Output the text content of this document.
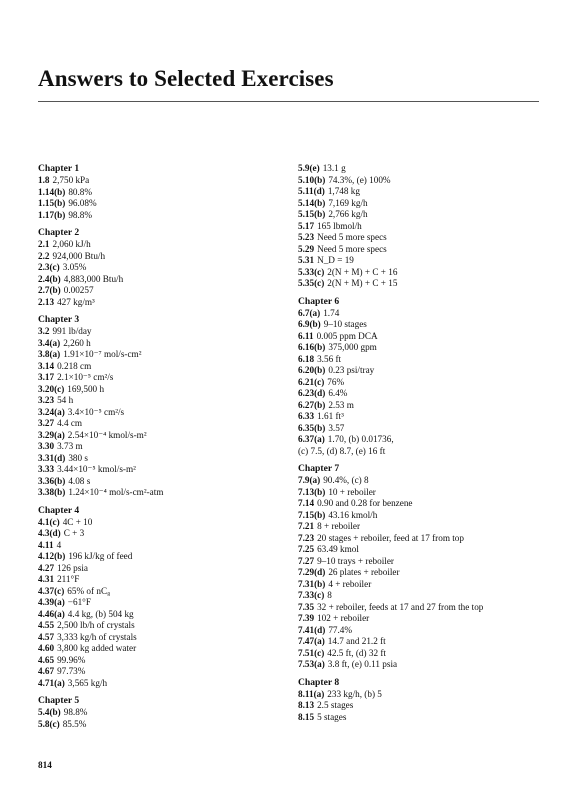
Answers to Selected Exercises
Chapter 1
1.8 2,750 kPa
1.14(b) 80.8%
1.15(b) 96.08%
1.17(b) 98.8%
Chapter 2
2.1 2,060 kJ/h
2.2 924,000 Btu/h
2.3(c) 3.05%
2.4(b) 4,883,000 Btu/h
2.7(b) 0.00257
2.13 427 kg/m³
Chapter 3
3.2 991 lb/day
3.4(a) 2,260 h
3.8(a) 1.91×10⁻⁷ mol/s-cm²
3.14 0.218 cm
3.17 2.1×10⁻⁵ cm²/s
3.20(c) 169,500 h
3.23 54 h
3.24(a) 3.4×10⁻⁵ cm²/s
3.27 4.4 cm
3.29(a) 2.54×10⁻⁴ kmol/s-m²
3.30 3.73 m
3.31(d) 380 s
3.33 3.44×10⁻⁵ kmol/s-m²
3.36(b) 4.08 s
3.38(b) 1.24×10⁻⁴ mol/s-cm²-atm
Chapter 4
4.1(c) 4C + 10
4.3(d) C + 3
4.11 4
4.12(b) 196 kJ/kg of feed
4.27 126 psia
4.31 211°F
4.37(c) 65% of nC₈
4.39(a) −61°F
4.46(a) 4.4 kg, (b) 504 kg
4.55 2,500 lb/h of crystals
4.57 3,333 kg/h of crystals
4.60 3,800 kg added water
4.65 99.96%
4.67 97.73%
4.71(a) 3,565 kg/h
Chapter 5
5.4(b) 98.8%
5.8(c) 85.5%
5.9(e) 13.1 g
5.10(b) 74.3%, (e) 100%
5.11(d) 1,748 kg
5.14(b) 7,169 kg/h
5.15(b) 2,766 kg/h
5.17 165 lbmol/h
5.23 Need 5 more specs
5.29 Need 5 more specs
5.31 N_D = 19
5.33(c) 2(N + M) + C + 16
5.35(c) 2(N + M) + C + 15
Chapter 6
6.7(a) 1.74
6.9(b) 9–10 stages
6.11 0.005 ppm DCA
6.16(b) 375,000 gpm
6.18 3.56 ft
6.20(b) 0.23 psi/tray
6.21(c) 76%
6.23(d) 6.4%
6.27(b) 2.53 m
6.33 1.61 ft³
6.35(b) 3.57
6.37(a) 1.70, (b) 0.01736,
(c) 7.5, (d) 8.7, (e) 16 ft
Chapter 7
7.9(a) 90.4%, (c) 8
7.13(b) 10 + reboiler
7.14 0.90 and 0.28 for benzene
7.15(b) 43.16 kmol/h
7.21 8 + reboiler
7.23 20 stages + reboiler, feed at 17 from top
7.25 63.49 kmol
7.27 9–10 trays + reboiler
7.29(d) 26 plates + reboiler
7.31(b) 4 + reboiler
7.33(c) 8
7.35 32 + reboiler, feeds at 17 and 27 from the top
7.39 102 + reboiler
7.41(d) 77.4%
7.47(a) 14.7 and 21.2 ft
7.51(c) 42.5 ft, (d) 32 ft
7.53(a) 3.8 ft, (e) 0.11 psia
Chapter 8
8.11(a) 233 kg/h, (b) 5
8.13 2.5 stages
8.15 5 stages
814
